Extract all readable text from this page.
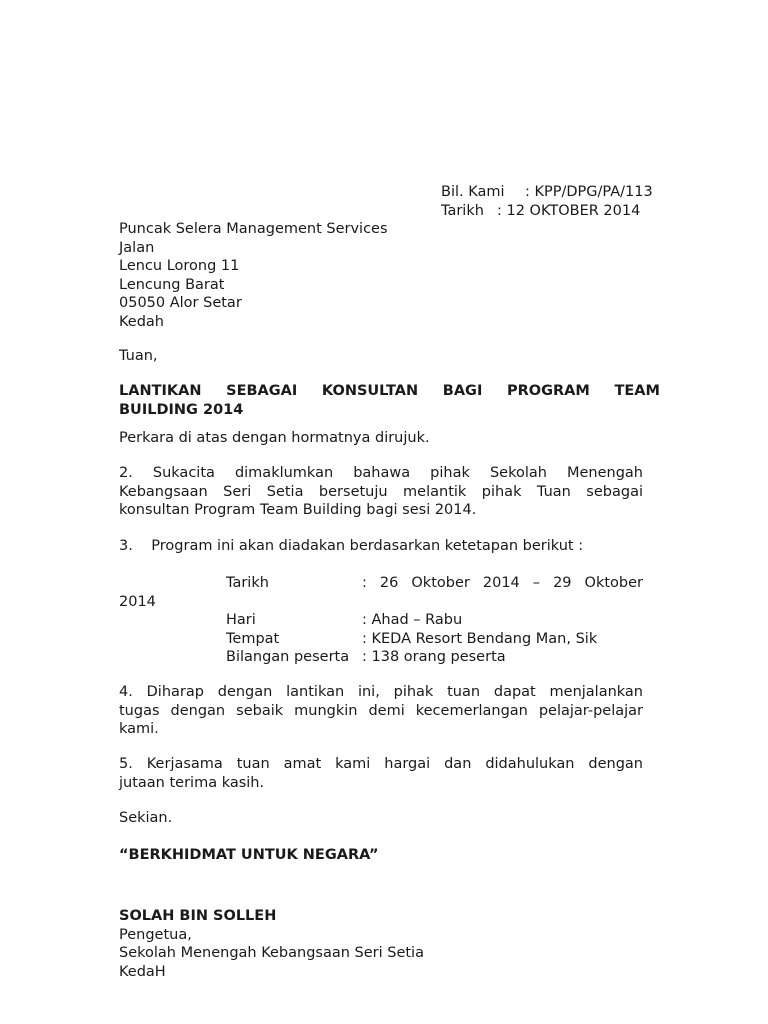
Bil. Kami	: KPP/DPG/PA/113
Tarikh : 12 OKTOBER 2014
Puncak Selera Management Services
Jalan
Lencu Lorong 11
Lencung Barat
05050 Alor Setar
Kedah
Tuan,
LANTIKAN SEBAGAI KONSULTAN BAGI PROGRAM TEAM
BUILDING 2014
Perkara di atas dengan hormatnya dirujuk.
2. Sukacita dimaklumkan bahawa pihak Sekolah Menengah
Kebangsaan Seri Setia bersetuju melantik pihak Tuan sebagai
konsultan Program Team Building bagi sesi 2014.
3.    Program ini akan diadakan berdasarkan ketetapan berikut :
Tarikh	: 26 Oktober 2014 – 29 Oktober
2014
Hari	: Ahad – Rabu
Tempat	: KEDA Resort Bendang Man, Sik
Bilangan peserta : 138 orang peserta
4. Diharap dengan lantikan ini, pihak tuan dapat menjalankan
tugas dengan sebaik mungkin demi kecemerlangan pelajar-pelajar
kami.
5. Kerjasama tuan amat kami hargai dan didahulukan dengan
jutaan terima kasih.
Sekian.
“BERKHIDMAT UNTUK NEGARA”
SOLAH BIN SOLLEH
Pengetua,
Sekolah Menengah Kebangsaan Seri Setia
KedaH
